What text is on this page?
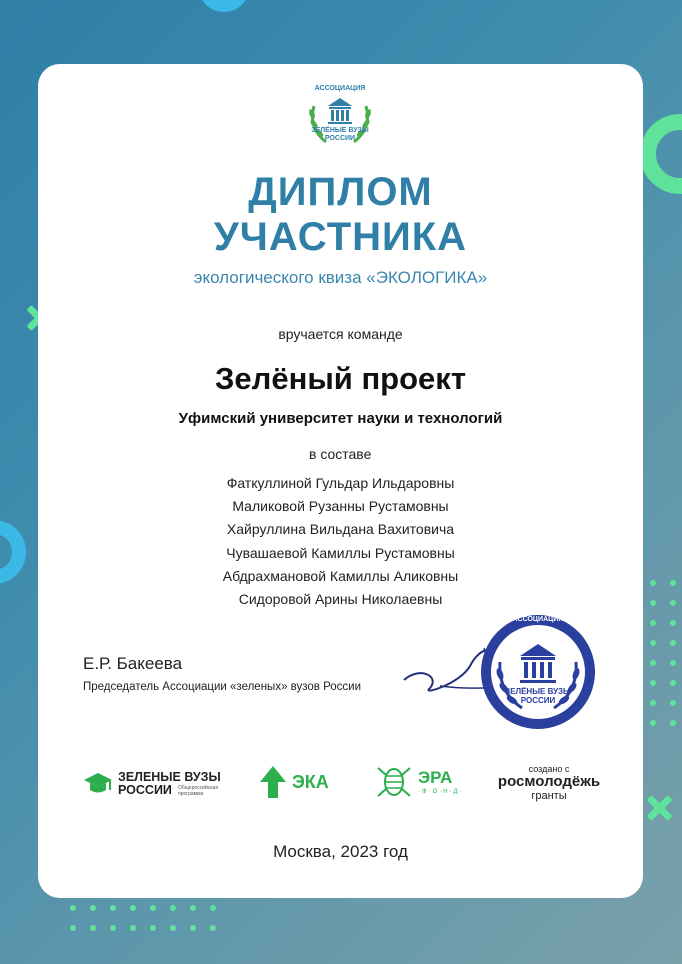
АССОЦИАЦИЯ
ЗЕЛЁНЫЕ ВУЗЫ
РОССИИ
ДИПЛОМ
УЧАСТНИКА
экологического квиза «ЭКОЛОГИКА»
вручается команде
Зелёный проект
Уфимский университет науки и технологий
в составе
Фаткуллиной Гульдар Ильдаровны
Маликовой Рузанны Рустамовны
Хайруллина Вильдана Вахитовича
Чувашаевой Камиллы Рустамовны
Абдрахмановой Камиллы Аликовны
Сидоровой Арины Николаевны
Е.Р. Бакеева
Председатель Ассоциации «зеленых» вузов России
АССОЦИАЦИЯ
ЗЕЛЁНЫЕ ВУЗЫ
РОССИИ
ЗЕЛЕНЫЕ ВУЗЫ
РОССИИ Общероссийская программа
ЭКА	ЭРА
·Ф·О·Н·Д·
создано с
росмолодёжь
гранты
Москва, 2023 год
